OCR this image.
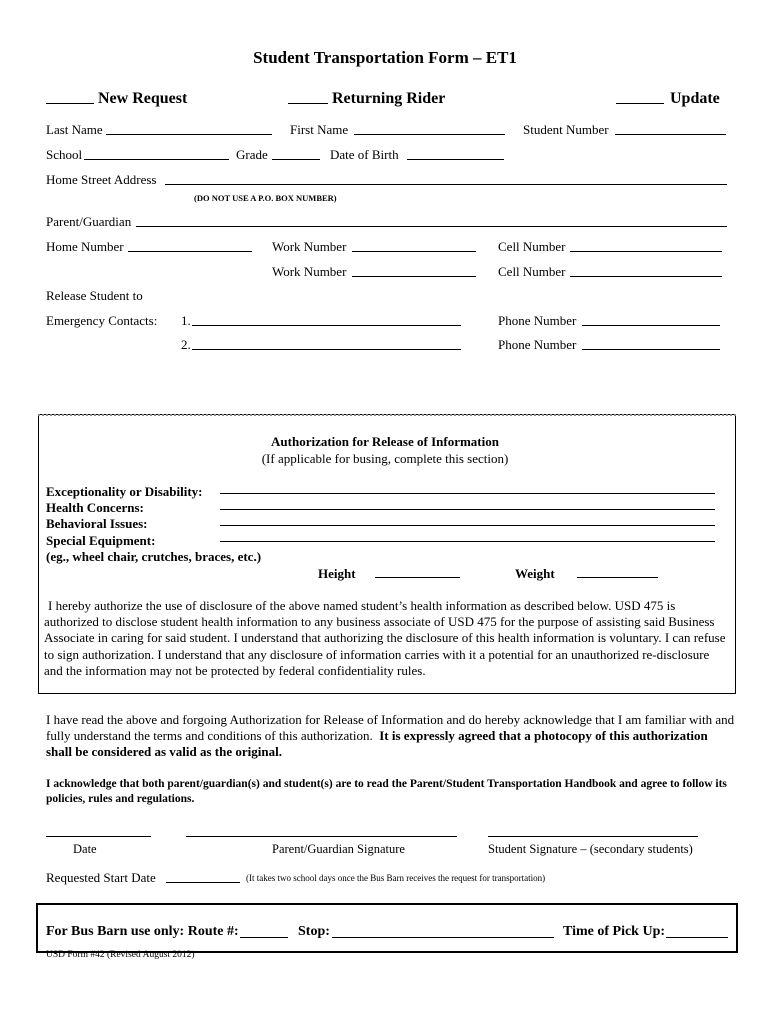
Student Transportation Form – ET1
New Request	Returning Rider	Update
Last Name	First Name	Student Number
School	Grade	Date of Birth
Home Street Address
(DO NOT USE A P.O. BOX NUMBER)
Parent/Guardian
Home Number	Work Number	Cell Number
Work Number	Cell Number
Release Student to
Emergency Contacts: 1.	Phone Number
2.	Phone Number
Authorization for Release of Information
(If applicable for busing, complete this section)
Exceptionality or Disability:
Health Concerns:
Behavioral Issues:
Special Equipment:
(eg., wheel chair, crutches, braces, etc.)
Height	Weight
I hereby authorize the use of disclosure of the above named student’s health information as described below. USD 475 is authorized to disclose student health information to any business associate of USD 475 for the purpose of assisting said Business Associate in caring for said student. I understand that authorizing the disclosure of this health information is voluntary. I can refuse to sign authorization. I understand that any disclosure of information carries with it a potential for an unauthorized re-disclosure and the information may not be protected by federal confidentiality rules.
I have read the above and forgoing Authorization for Release of Information and do hereby acknowledge that I am familiar with and fully understand the terms and conditions of this authorization. It is expressly agreed that a photocopy of this authorization shall be considered as valid as the original.
I acknowledge that both parent/guardian(s) and student(s) are to read the Parent/Student Transportation Handbook and agree to follow its policies, rules and regulations.
Date	Parent/Guardian Signature	Student Signature – (secondary students)
Requested Start Date	(It takes two school days once the Bus Barn receives the request for transportation)
For Bus Barn use only: Route #:	Stop:	Time of Pick Up:
USD Form #42 (Revised August 2012)
